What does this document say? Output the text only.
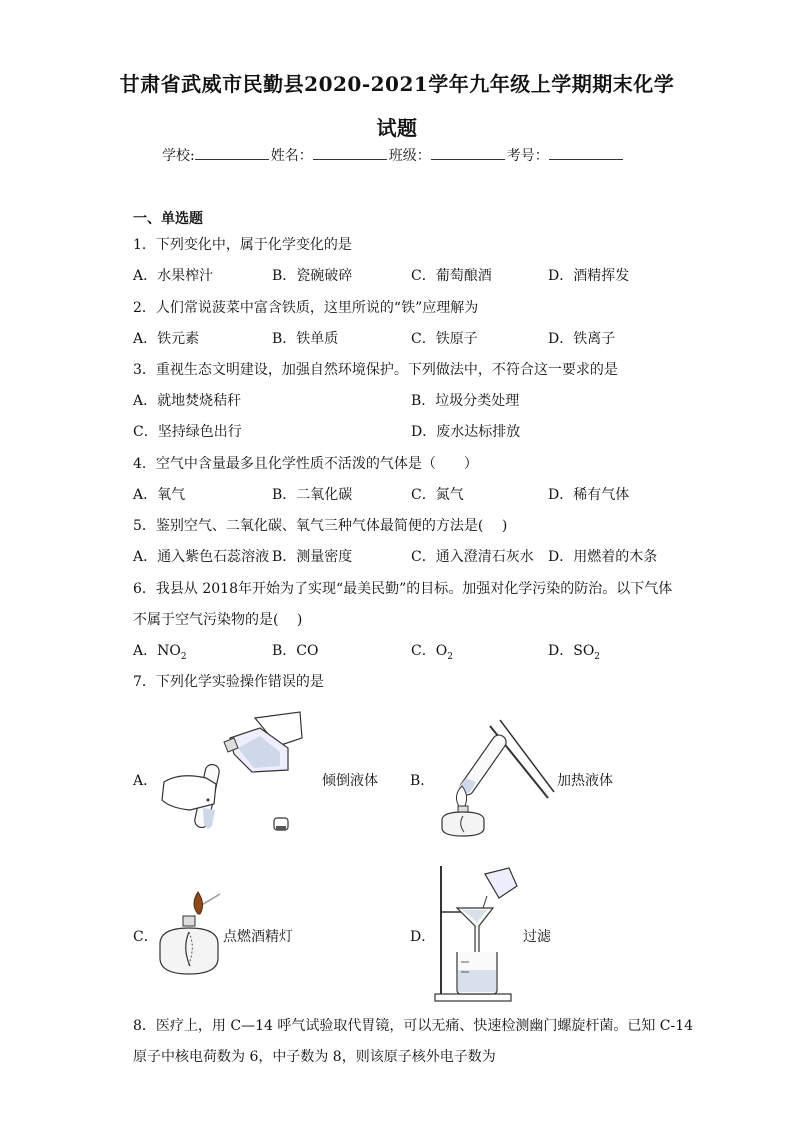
甘肃省武威市民勤县2020-2021学年九年级上学期期末化学
试题
学校:	姓名：	班级：	考号：
一、单选题
1．下列变化中，属于化学变化的是
A．水果榨汁	B．瓷碗破碎	C．葡萄酿酒	D．酒精挥发
2．人们常说菠菜中富含铁质，这里所说的“铁”应理解为
A．铁元素	B．铁单质	C．铁原子	D．铁离子
3．重视生态文明建设，加强自然环境保护。下列做法中，不符合这一要求的是
A．就地焚烧秸秆	B．垃圾分类处理
C．坚持绿色出行	D．废水达标排放
4．空气中含量最多且化学性质不活泼的气体是（　　）
A．氧气	B．二氧化碳	C．氮气	D．稀有气体
5．鉴别空气、二氧化碳、氧气三种气体最简便的方法是(　 )
A．通入紫色石蕊溶液 B．测量密度	C．通入澄清石灰水 D．用燃着的木条
6．我县从 2018年开始为了实现“最美民勤”的目标。加强对化学污染的防治。以下气体
不属于空气污染物的是(　 )
A．$NO_2$	B．CO	C．$O_2$	D．$SO_2$
7．下列化学实验操作错误的是
A．	倾倒液体 B．	加热液体
C．	点燃酒精灯	D．	过滤
8．医疗上，用 C—14 呼气试验取代胃镜，可以无痛、快速检测幽门螺旋杆菌。已知 C-14
原子中核电荷数为 6，中子数为 8，则该原子核外电子数为
